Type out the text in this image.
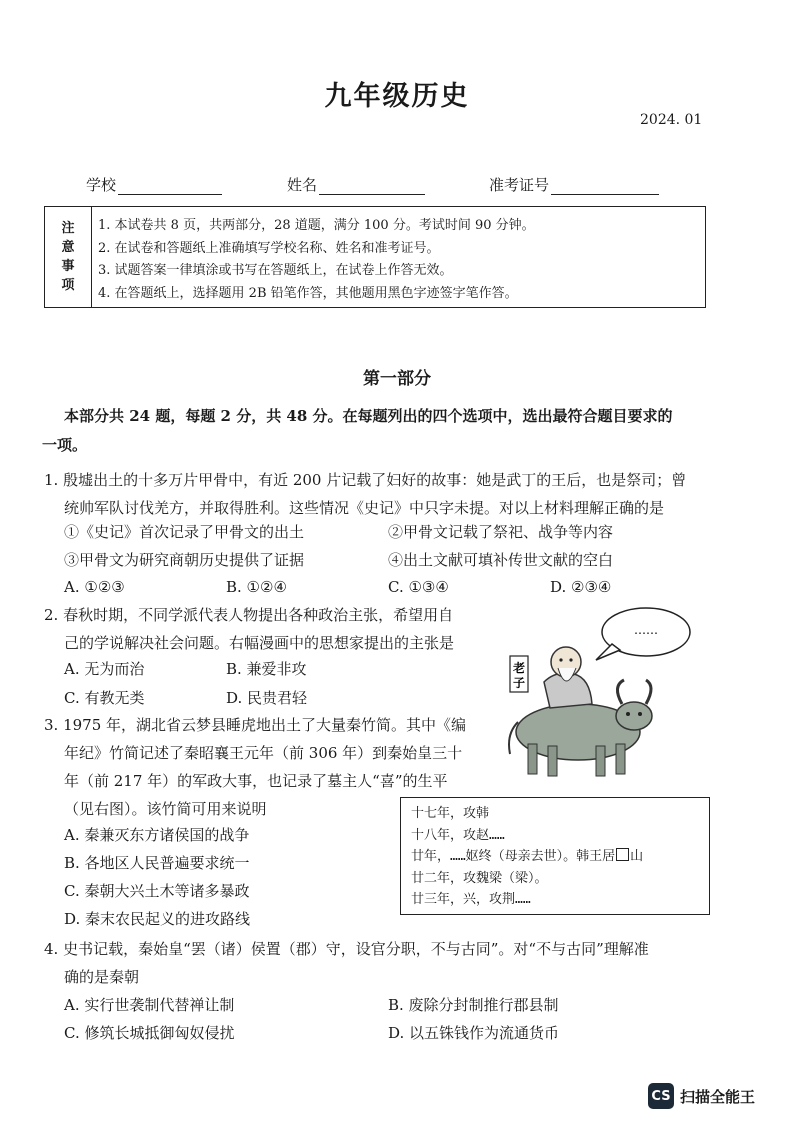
九年级历史
2024. 01
学校	姓名	准考证号
注
意
事
项
1. 本试卷共 8 页，共两部分，28 道题，满分 100 分。考试时间 90 分钟。
2. 在试卷和答题纸上准确填写学校名称、姓名和准考证号。
3. 试题答案一律填涂或书写在答题纸上，在试卷上作答无效。
4. 在答题纸上，选择题用 2B 铅笔作答，其他题用黑色字迹签字笔作答。
第一部分
本部分共 24 题，每题 2 分，共 48 分。在每题列出的四个选项中，选出最符合题目要求的
一项。
1. 殷墟出土的十多万片甲骨中，有近 200 片记载了妇好的故事：她是武丁的王后，也是祭司；曾
统帅军队讨伐羌方，并取得胜利。这些情况《史记》中只字未提。对以上材料理解正确的是
①《史记》首次记录了甲骨文的出土	②甲骨文记载了祭祀、战争等内容
③甲骨文为研究商朝历史提供了证据	④出土文献可填补传世文献的空白
A. ①②③	B. ①②④	C. ①③④	D. ②③④
2. 春秋时期，不同学派代表人物提出各种政治主张，希望用自
己的学说解决社会问题。右幅漫画中的思想家提出的主张是
A. 无为而治	B. 兼爱非攻
C. 有教无类	D. 民贵君轻
……
老
子
3. 1975 年，湖北省云梦县睡虎地出土了大量秦竹简。其中《编
年纪》竹简记述了秦昭襄王元年（前 306 年）到秦始皇三十
年（前 217 年）的军政大事，也记录了墓主人“喜”的生平
（见右图）。该竹简可用来说明
A. 秦兼灭东方诸侯国的战争
B. 各地区人民普遍要求统一
C. 秦朝大兴土木等诸多暴政
D. 秦末农民起义的进攻路线
十七年，攻韩
十八年，攻赵……
廿年，……妪终（母亲去世）。韩王居 山
廿二年，攻魏梁（梁）。
廿三年，兴，攻荆……
4. 史书记载，秦始皇“罢（诸）侯置（郡）守，设官分职，不与古同”。对“不与古同”理解准
确的是秦朝
A. 实行世袭制代替禅让制	B. 废除分封制推行郡县制
C. 修筑长城抵御匈奴侵扰	D. 以五铢钱作为流通货币
CS 扫描全能王
